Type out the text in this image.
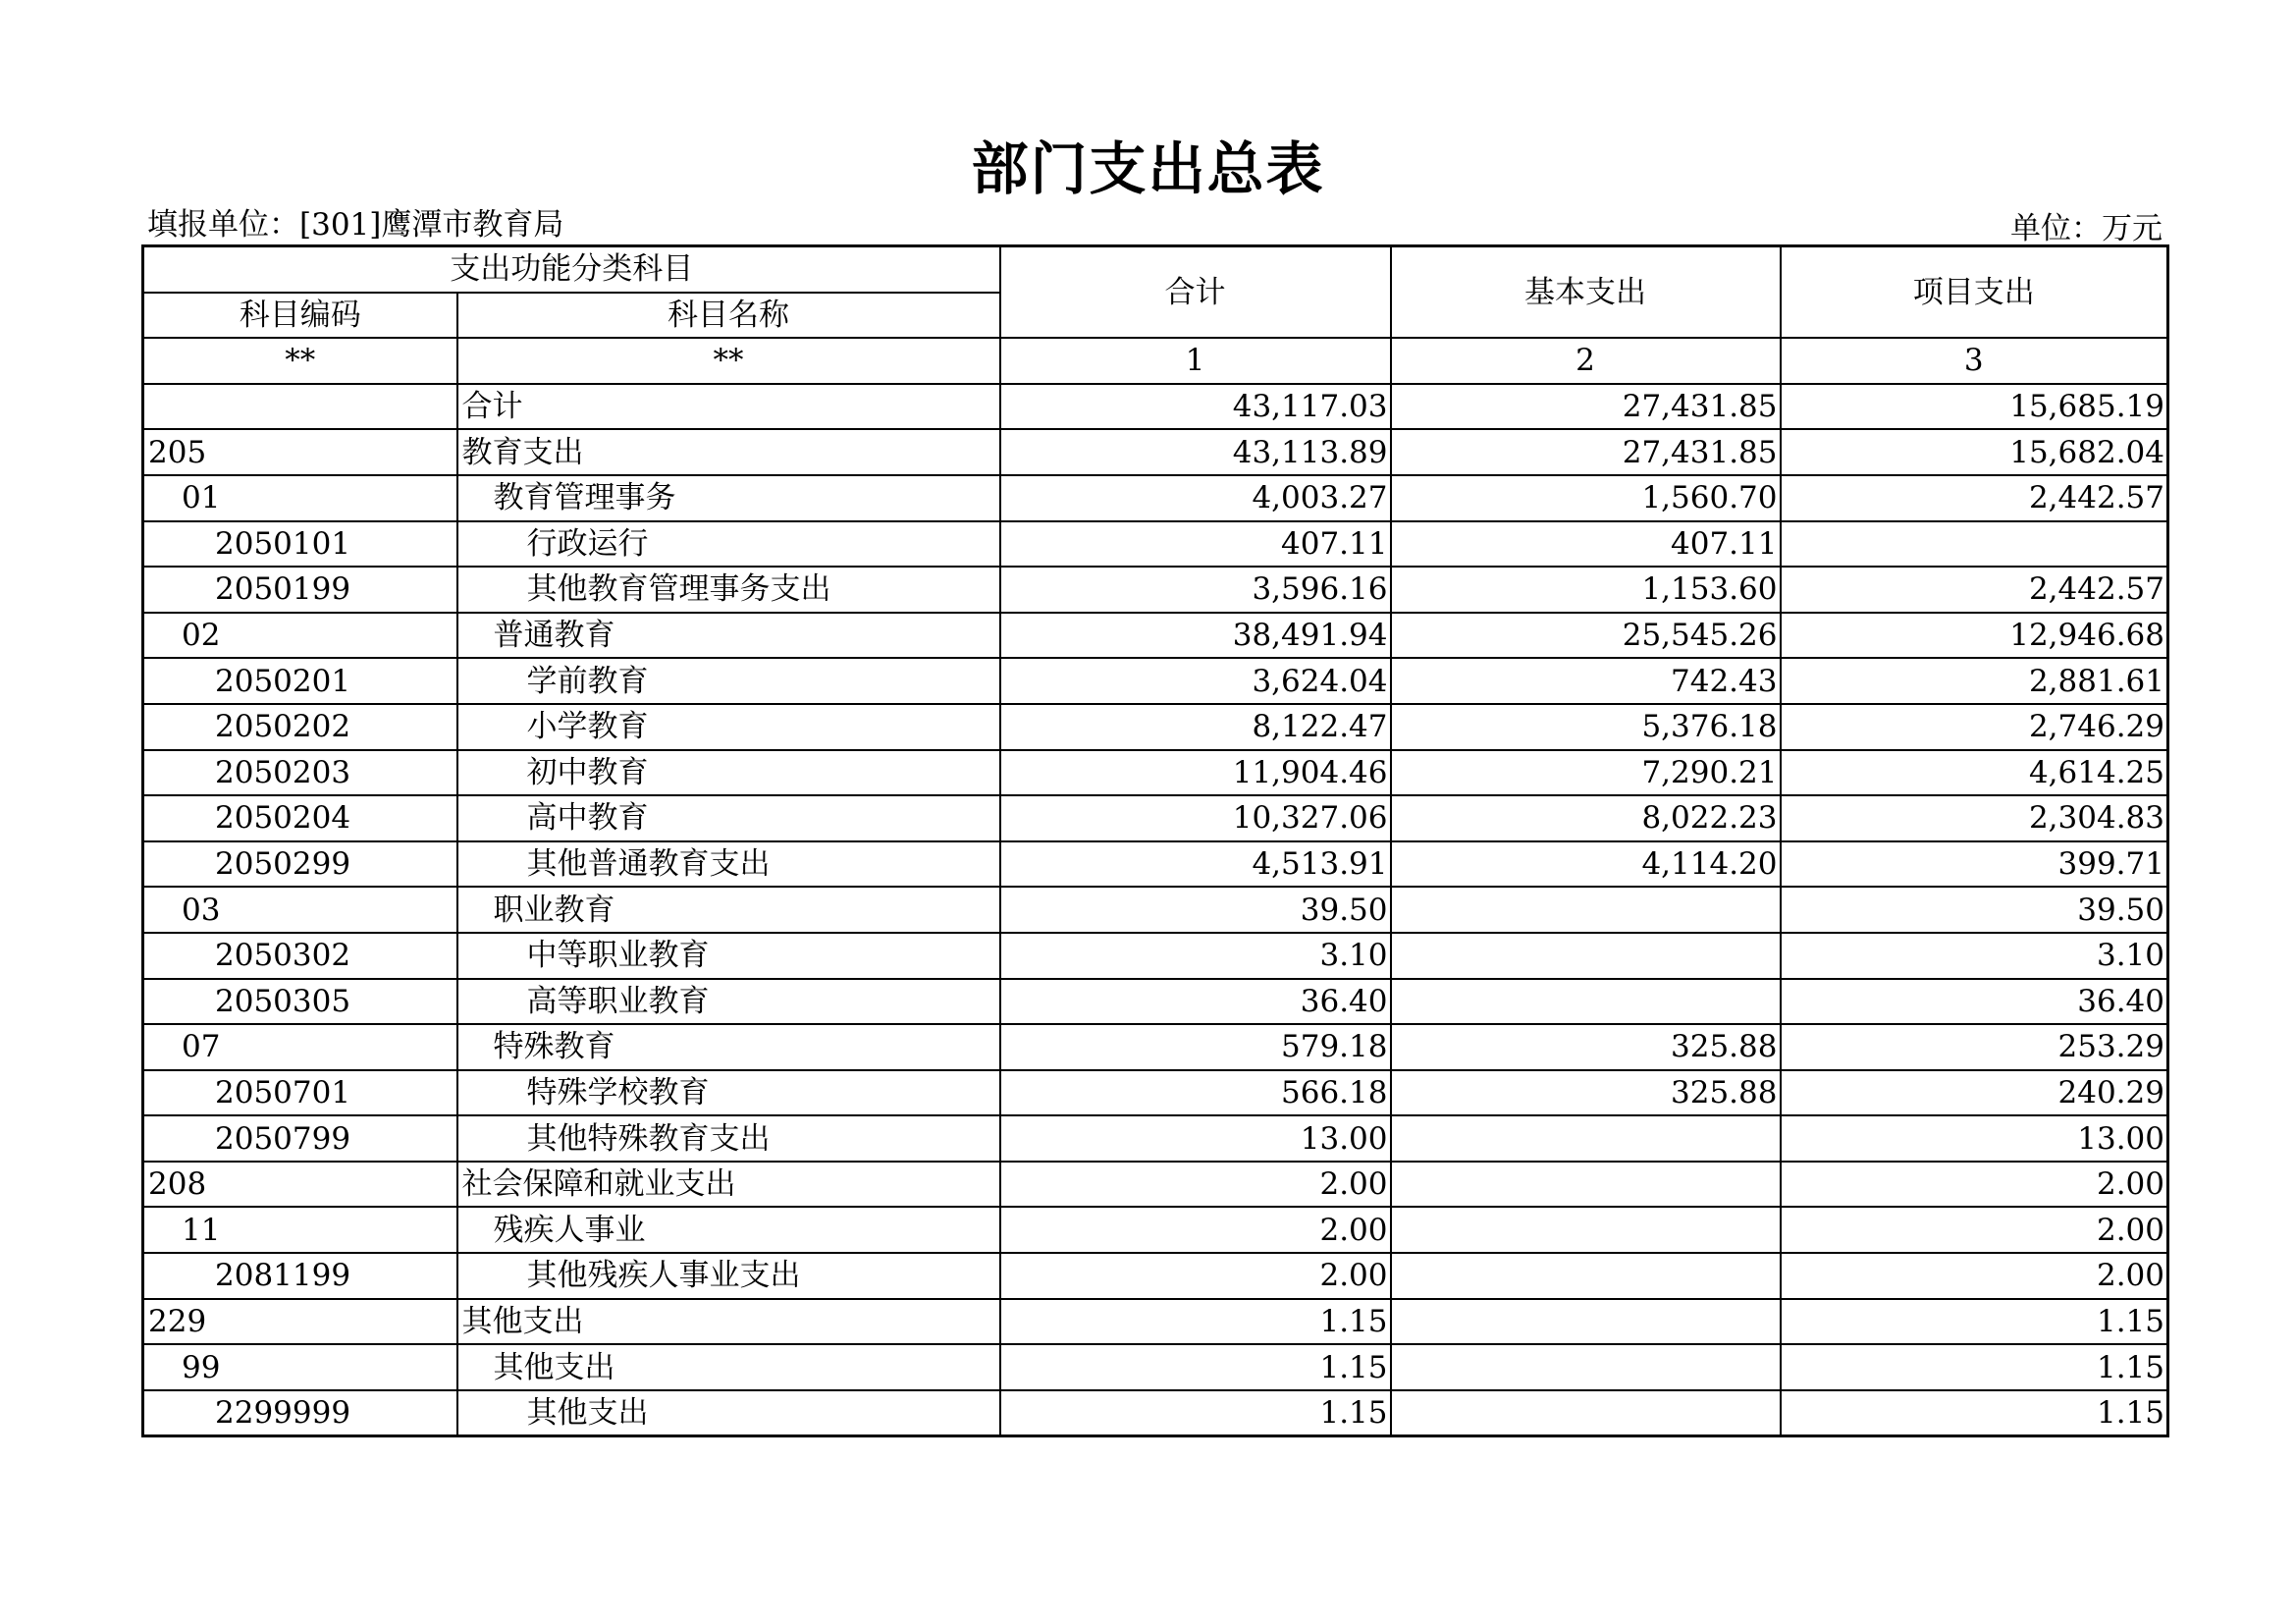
部门支出总表
填报单位：[301]鹰潭市教育局	单位：万元
支出功能分类科目		合计	基本支出	项目支出
科目编码	科目名称			
**	**	1	2	3
	合计	43,117.03	27,431.85	15,685.19
205	教育支出	43,113.89	27,431.85	15,682.04
01	教育管理事务	4,003.27	1,560.70	2,442.57
2050101	行政运行	407.11	407.11	
2050199	其他教育管理事务支出	3,596.16	1,153.60	2,442.57
02	普通教育	38,491.94	25,545.26	12,946.68
2050201	学前教育	3,624.04	742.43	2,881.61
2050202	小学教育	8,122.47	5,376.18	2,746.29
2050203	初中教育	11,904.46	7,290.21	4,614.25
2050204	高中教育	10,327.06	8,022.23	2,304.83
2050299	其他普通教育支出	4,513.91	4,114.20	399.71
03	职业教育	39.50		39.50
2050302	中等职业教育	3.10		3.10
2050305	高等职业教育	36.40		36.40
07	特殊教育	579.18	325.88	253.29
2050701	特殊学校教育	566.18	325.88	240.29
2050799	其他特殊教育支出	13.00		13.00
208	社会保障和就业支出	2.00		2.00
11	残疾人事业	2.00		2.00
2081199	其他残疾人事业支出	2.00		2.00
229	其他支出	1.15		1.15
99	其他支出	1.15		1.15
2299999	其他支出	1.15		1.15
